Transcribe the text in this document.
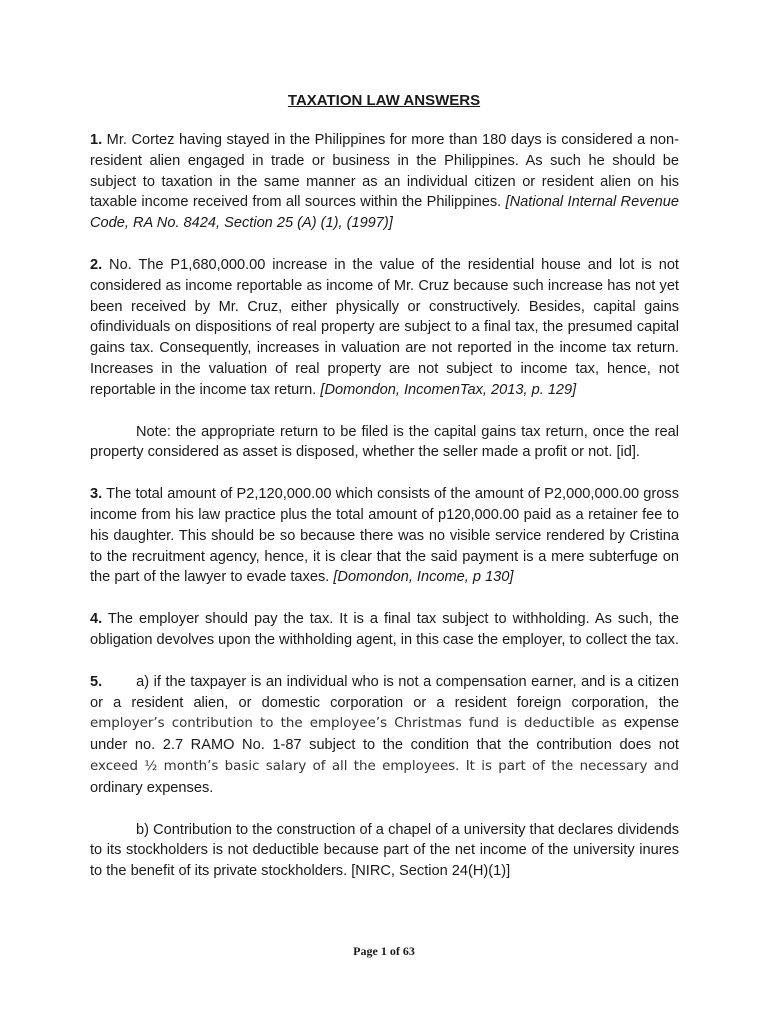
TAXATION LAW ANSWERS

1. Mr. Cortez having stayed in the Philippines for more than 180 days is considered a non-resident alien engaged in trade or business in the Philippines. As such he should be subject to taxation in the same manner as an individual citizen or resident alien on his taxable income received from all sources within the Philippines. [National Internal Revenue Code, RA No. 8424, Section 25 (A) (1), (1997)]

2. No. The P1,680,000.00 increase in the value of the residential house and lot is not considered as income reportable as income of Mr. Cruz because such increase has not yet been received by Mr. Cruz, either physically or constructively. Besides, capital gains ofindividuals on dispositions of real property are subject to a final tax, the presumed capital gains tax. Consequently, increases in valuation are not reported in the income tax return. Increases in the valuation of real property are not subject to income tax, hence, not reportable in the income tax return. [Domondon, IncomenTax, 2013, p. 129]

Note: the appropriate return to be filed is the capital gains tax return, once the real property considered as asset is disposed, whether the seller made a profit or not. [id].

3. The total amount of P2,120,000.00 which consists of the amount of P2,000,000.00 gross income from his law practice plus the total amount of p120,000.00 paid as a retainer fee to his daughter. This should be so because there was no visible service rendered by Cristina to the recruitment agency, hence, it is clear that the said payment is a mere subterfuge on the part of the lawyer to evade taxes. [Domondon, Income, p 130]

4. The employer should pay the tax. It is a final tax subject to withholding. As such, the obligation devolves upon the withholding agent, in this case the employer, to collect the tax.

5. a) if the taxpayer is an individual who is not a compensation earner, and is a citizen or a resident alien, or domestic corporation or a resident foreign corporation, the employer’s contribution to the employee’s Christmas fund is deductible as expense under no. 2.7 RAMO No. 1-87 subject to the condition that the contribution does not exceed ½ month’s basic salary of all the employees. It is part of the necessary and ordinary expenses.

b) Contribution to the construction of a chapel of a university that declares dividends to its stockholders is not deductible because part of the net income of the university inures to the benefit of its private stockholders. [NIRC, Section 24(H)(1)]

Page 1 of 63
